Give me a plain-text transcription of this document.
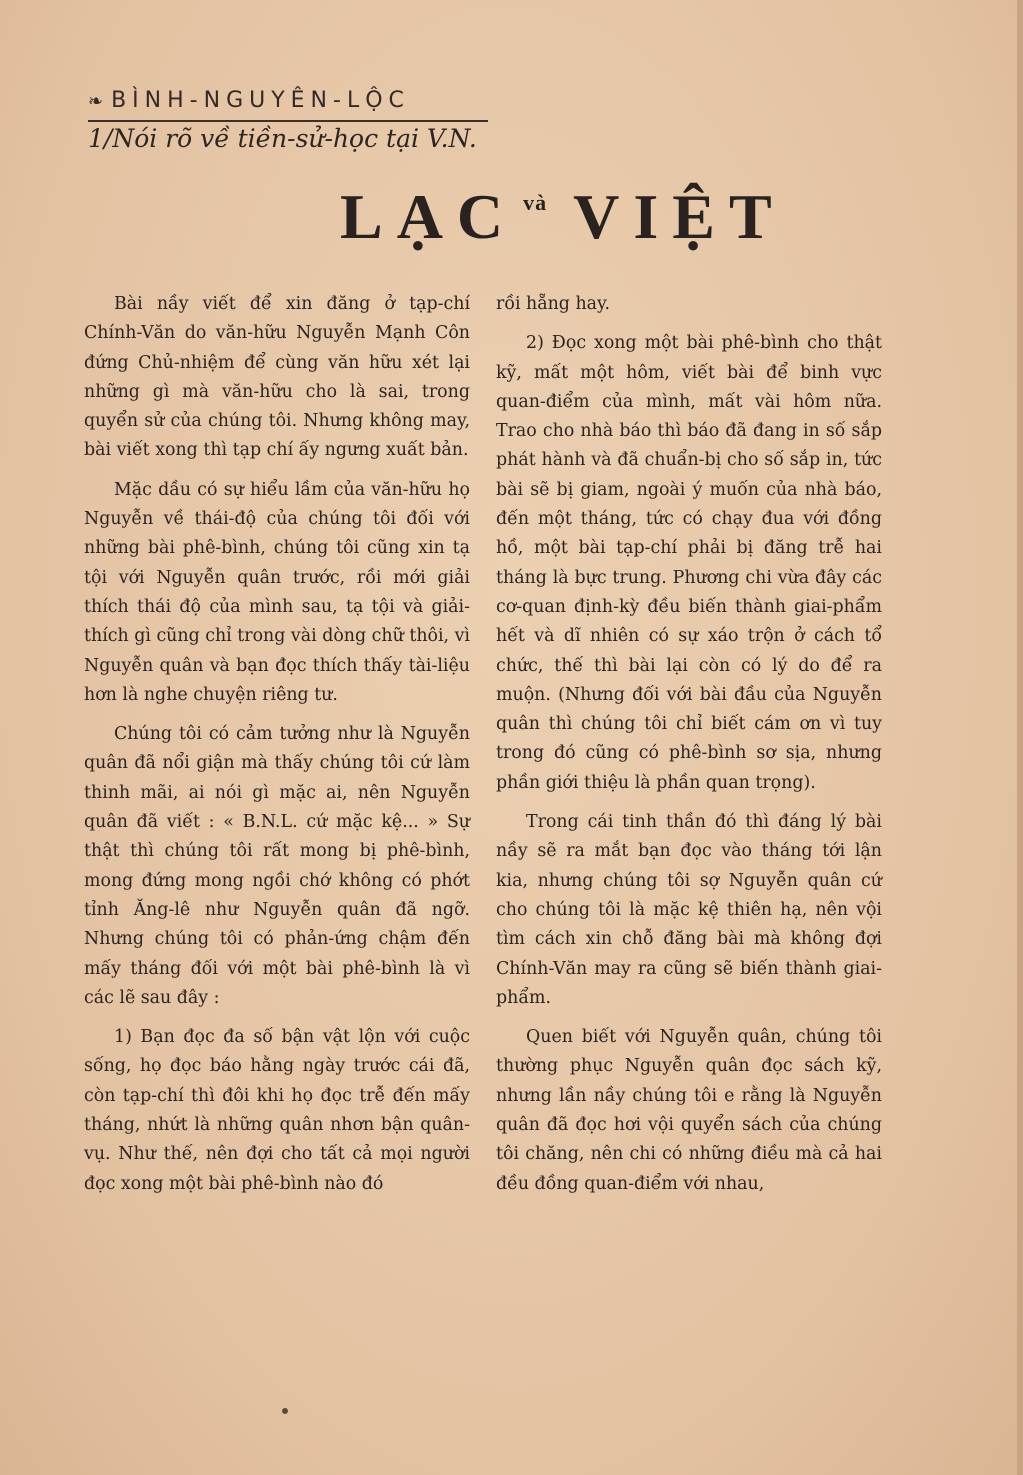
❧ BÌNH-NGUYÊN-LỘC
1/Nói rõ về tiền-sử-học tại V.N.
LẠC $^{và}$ VIỆT

Bài nầy viết để xin đăng ở tạp-chí Chính-Văn do văn-hữu Nguyễn Mạnh Côn đứng Chủ-nhiệm để cùng văn hữu xét lại những gì mà văn-hữu cho là sai, trong quyển sử của chúng tôi. Nhưng không may, bài viết xong thì tạp chí ấy ngưng xuất bản.

Mặc dầu có sự hiểu lầm của văn-hữu họ Nguyễn về thái-độ của chúng tôi đối với những bài phê-bình, chúng tôi cũng xin tạ tội với Nguyễn quân trước, rồi mới giải thích thái độ của mình sau, tạ tội và giải-thích gì cũng chỉ trong vài dòng chữ thôi, vì Nguyễn quân và bạn đọc thích thấy tài-liệu hơn là nghe chuyện riêng tư.

Chúng tôi có cảm tưởng như là Nguyễn quân đã nổi giận mà thấy chúng tôi cứ làm thinh mãi, ai nói gì mặc ai, nên Nguyễn quân đã viết : « B.N.L. cứ mặc kệ... » Sự thật thì chúng tôi rất mong bị phê-bình, mong đứng mong ngồi chớ không có phớt tỉnh Ăng-lê như Nguyễn quân đã ngỡ. Nhưng chúng tôi có phản-ứng chậm đến mấy tháng đối với một bài phê-bình là vì các lẽ sau đây :

1) Bạn đọc đa số bận vật lộn với cuộc sống, họ đọc báo hằng ngày trước cái đã, còn tạp-chí thì đôi khi họ đọc trễ đến mấy tháng, nhứt là những quân nhơn bận quân-vụ. Như thế, nên đợi cho tất cả mọi người đọc xong một bài phê-bình nào đó

rồi hẵng hay.

2) Đọc xong một bài phê-bình cho thật kỹ, mất một hôm, viết bài để binh vực quan-điểm của mình, mất vài hôm nữa. Trao cho nhà báo thì báo đã đang in số sắp phát hành và đã chuẩn-bị cho số sắp in, tức bài sẽ bị giam, ngoài ý muốn của nhà báo, đến một tháng, tức có chạy đua với đồng hồ, một bài tạp-chí phải bị đăng trễ hai tháng là bực trung. Phương chi vừa đây các cơ-quan định-kỳ đều biến thành giai-phẩm hết và dĩ nhiên có sự xáo trộn ở cách tổ chức, thế thì bài lại còn có lý do để ra muộn. (Nhưng đối với bài đầu của Nguyễn quân thì chúng tôi chỉ biết cám ơn vì tuy trong đó cũng có phê-bình sơ sịa, nhưng phần giới thiệu là phần quan trọng).

Trong cái tinh thần đó thì đáng lý bài nầy sẽ ra mắt bạn đọc vào tháng tới lận kia, nhưng chúng tôi sợ Nguyễn quân cứ cho chúng tôi là mặc kệ thiên hạ, nên vội tìm cách xin chỗ đăng bài mà không đợi Chính-Văn may ra cũng sẽ biến thành giai-phẩm.

Quen biết với Nguyễn quân, chúng tôi thường phục Nguyễn quân đọc sách kỹ, nhưng lần nầy chúng tôi e rằng là Nguyễn quân đã đọc hơi vội quyển sách của chúng tôi chăng, nên chi có những điều mà cả hai đều đồng quan-điểm với nhau,
